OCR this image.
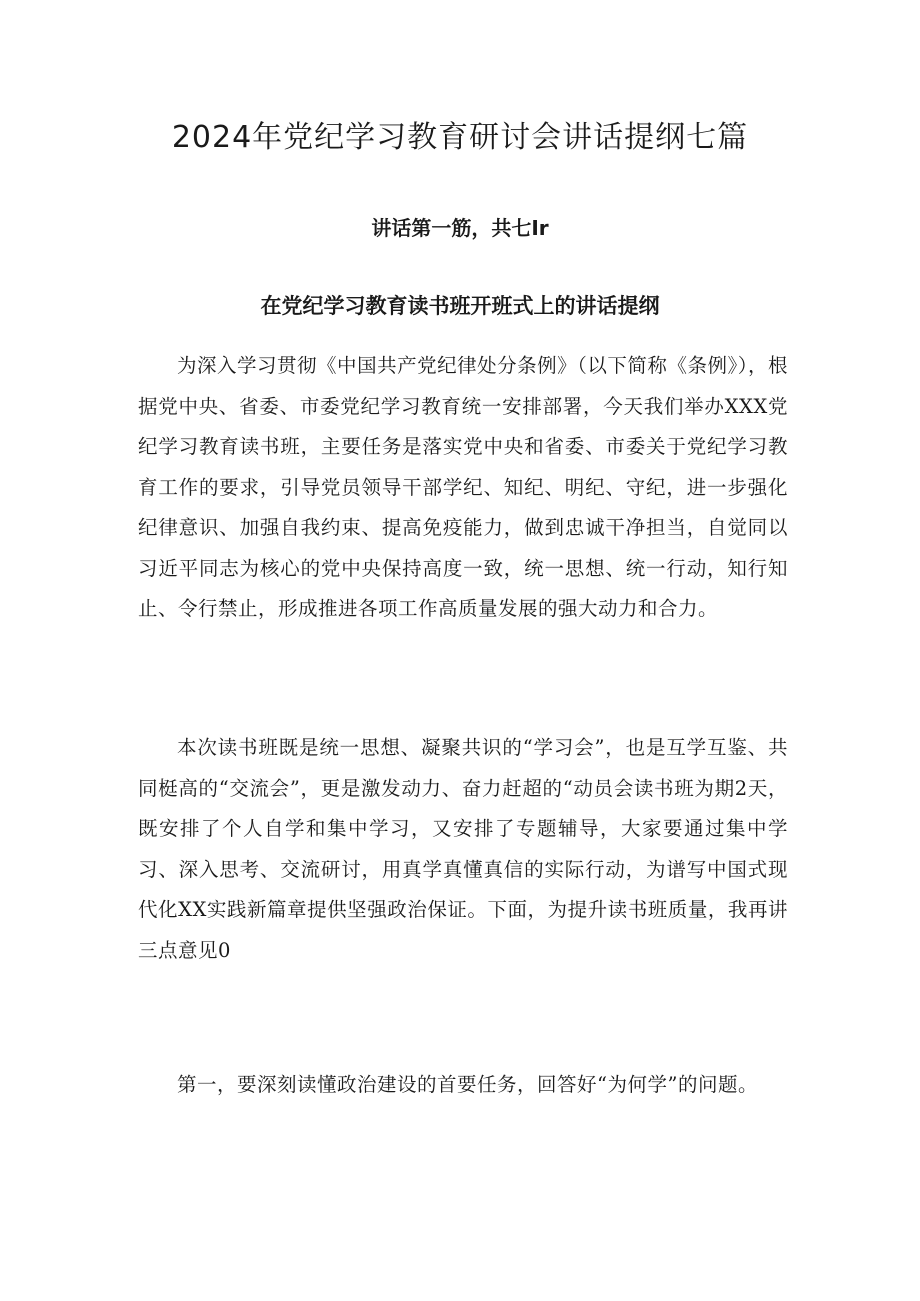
2024年党纪学习教育研讨会讲话提纲七篇
讲话第一筋，共七Ir
在党纪学习教育读书班开班式上的讲话提纲

为深入学习贯彻《中国共产党纪律处分条例》（以下简称《条例》），根据党中央、省委、市委党纪学习教育统一安排部署，今天我们举办XXX党纪学习教育读书班，主要任务是落实党中央和省委、市委关于党纪学习教育工作的要求，引导党员领导干部学纪、知纪、明纪、守纪，进一步强化纪律意识、加强自我约束、提高免疫能力，做到忠诚干净担当，自觉同以习近平同志为核心的党中央保持高度一致，统一思想、统一行动，知行知止、令行禁止，形成推进各项工作高质量发展的强大动力和合力。

本次读书班既是统一思想、凝聚共识的“学习会”，也是互学互鉴、共同梃高的“交流会”，更是激发动力、奋力赶超的“动员会读书班为期2天，既安排了个人自学和集中学习，又安排了专题辅导，大家要通过集中学习、深入思考、交流研讨，用真学真懂真信的实际行动，为谱写中国式现代化XX实践新篇章提供坚强政治保证。下面，为提升读书班质量，我再讲三点意见0

第一，要深刻读懂政治建设的首要任务，回答好“为何学”的问题。
